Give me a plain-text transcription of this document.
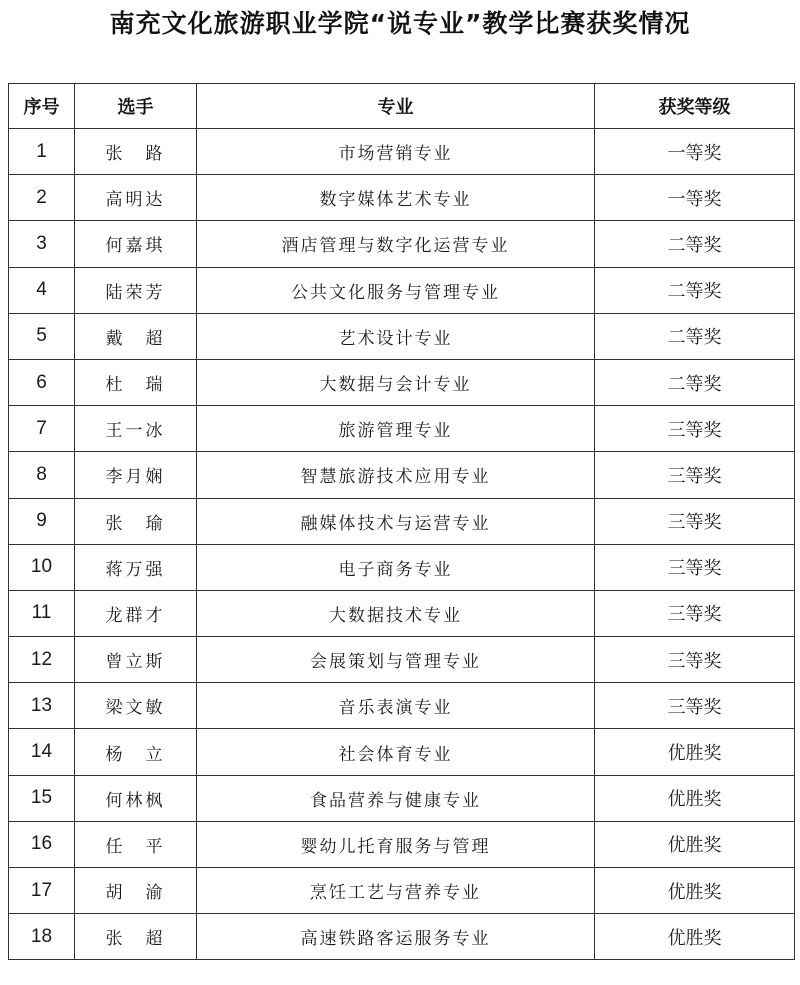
南充文化旅游职业学院“说专业”教学比赛获奖情况
序号	选手	专业	获奖等级
1	张　路	市场营销专业	一等奖
2	高明达	数字媒体艺术专业	一等奖
3	何嘉琪	酒店管理与数字化运营专业	二等奖
4	陆荣芳	公共文化服务与管理专业	二等奖
5	戴　超	艺术设计专业	二等奖
6	杜　瑞	大数据与会计专业	二等奖
7	王一冰	旅游管理专业	三等奖
8	李月娴	智慧旅游技术应用专业	三等奖
9	张　瑜	融媒体技术与运营专业	三等奖
10	蒋万强	电子商务专业	三等奖
11	龙群才	大数据技术专业	三等奖
12	曾立斯	会展策划与管理专业	三等奖
13	梁文敏	音乐表演专业	三等奖
14	杨　立	社会体育专业	优胜奖
15	何林枫	食品营养与健康专业	优胜奖
16	任　平	婴幼儿托育服务与管理	优胜奖
17	胡　渝	烹饪工艺与营养专业	优胜奖
18	张　超	高速铁路客运服务专业	优胜奖
